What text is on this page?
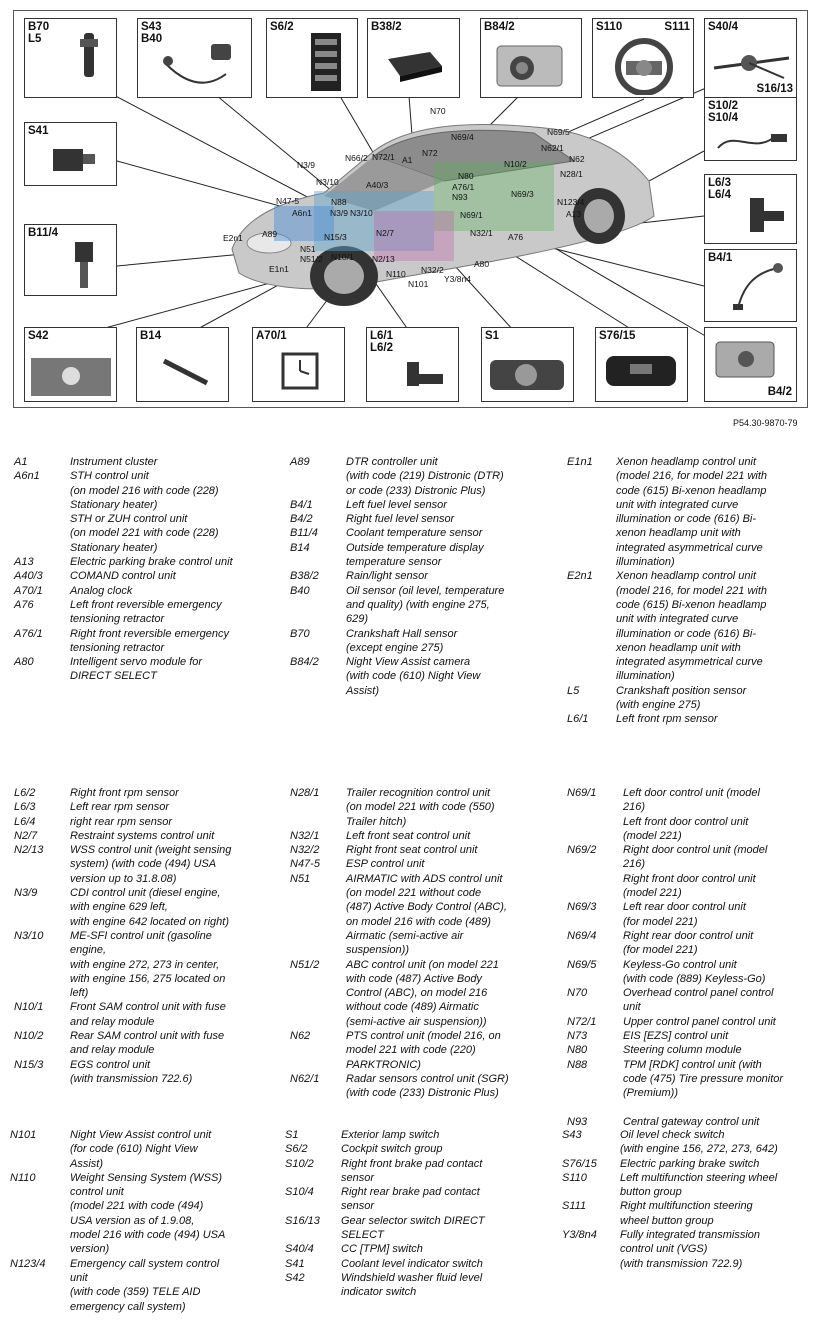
N70
N69/4	N69/5
N66/2 N72/1	N72
A1
N62/1
N62
N3/9	N10/2
N28/1
N3/10	A40/3	A76/1
N47-5	N88
N80
N93	N69/3
N123/4
A13
A6n1 N3/9 N3/10	N69/1
A89	N15/3	N2/7	N32/1 A76
E2n1
N51
N51/2 N10/1 N2/13	A80
E1n1	N110 N32/2
N101 Y3/8n4
B70
L5
S43
B40
S6/2	B38/2	B84/2	S110	S111 S40/4
S16/13
S41
B11/4
S42
S10/2
S10/4
L6/3
L6/4
B4/1
B4/2
B14	A70/1	L6/1
L6/2
S1	S76/15
P54.30-9870-79
A1	Instrument cluster
A6n1	STH control unit
(on model 216 with code (228)
Stationary heater)
STH or ZUH control unit
(on model 221 with code (228)
Stationary heater)
A13	Electric parking brake control unit
A40/3	COMAND control unit
A70/1	Analog clock
A76	Left front reversible emergency
tensioning retractor
A76/1	Right front reversible emergency
tensioning retractor
A80	Intelligent servo module for
DIRECT SELECT
A89	DTR controller unit
(with code (219) Distronic (DTR)
or code (233) Distronic Plus)
B4/1	Left fuel level sensor
B4/2	Right fuel level sensor
B11/4	Coolant temperature sensor
B14	Outside temperature display
temperature sensor
B38/2	Rain/light sensor
B40	Oil sensor (oil level, temperature
and quality) (with engine 275,
629)
B70	Crankshaft Hall sensor
(except engine 275)
B84/2	Night View Assist camera
(with code (610) Night View
Assist)
E1n1	Xenon headlamp control unit
(model 216, for model 221 with
code (615) Bi-xenon headlamp
unit with integrated curve
illumination or code (616) Bi-
xenon headlamp unit with
integrated asymmetrical curve
illumination)
E2n1	Xenon headlamp control unit
(model 216, for model 221 with
code (615) Bi-xenon headlamp
unit with integrated curve
illumination or code (616) Bi-
xenon headlamp unit with
integrated asymmetrical curve
illumination)
L5	Crankshaft position sensor
(with engine 275)
L6/1	Left front rpm sensor
L6/2	Right front rpm sensor
L6/3	Left rear rpm sensor
L6/4	right rear rpm sensor
N2/7	Restraint systems control unit
N2/13	WSS control unit (weight sensing
system) (with code (494) USA
version up to 31.8.08)
N3/9	CDI control unit (diesel engine,
with engine 629 left,
with engine 642 located on right)
N3/10	ME-SFI control unit (gasoline
engine,
with engine 272, 273 in center,
with engine 156, 275 located on
left)
N10/1	Front SAM control unit with fuse
and relay module
N10/2	Rear SAM control unit with fuse
and relay module
N15/3	EGS control unit
(with transmission 722.6)
N28/1	Trailer recognition control unit
(on model 221 with code (550)
Trailer hitch)
N32/1	Left front seat control unit
N32/2	Right front seat control unit
N47-5	ESP control unit
N51	AIRMATIC with ADS control unit
(on model 221 without code
(487) Active Body Control (ABC),
on model 216 with code (489)
Airmatic (semi-active air
suspension))
N51/2	ABC control unit (on model 221
with code (487) Active Body
Control (ABC), on model 216
without code (489) Airmatic
(semi-active air suspension))
N62	PTS control unit (model 216, on
model 221 with code (220)
PARKTRONIC)
N62/1	Radar sensors control unit (SGR)
(with code (233) Distronic Plus)
N69/1	Left door control unit (model
216)
Left front door control unit
(model 221)
N69/2	Right door control unit (model
216)
Right front door control unit
(model 221)
N69/3	Left rear door control unit
(for model 221)
N69/4	Right rear door control unit
(for model 221)
N69/5	Keyless-Go control unit
(with code (889) Keyless-Go)
N70	Overhead control panel control
unit
N72/1	Upper control panel control unit
N73	EIS [EZS] control unit
N80	Steering column module
N88	TPM [RDK] control unit (with
code (475) Tire pressure monitor
(Premium))

N93	Central gateway control unit
N101	Night View Assist control unit
(for code (610) Night View
Assist)
N110	Weight Sensing System (WSS)
control unit
(model 221 with code (494)
USA version as of 1.9.08,
model 216 with code (494) USA
version)
N123/4	Emergency call system control
unit
(with code (359) TELE AID
emergency call system)
S1	Exterior lamp switch
S6/2	Cockpit switch group
S10/2	Right front brake pad contact
sensor
S10/4	Right rear brake pad contact
sensor
S16/13	Gear selector switch DIRECT
SELECT
S40/4	CC [TPM] switch
S41	Coolant level indicator switch
S42	Windshield washer fluid level
indicator switch
S43	Oil level check switch
(with engine 156, 272, 273, 642)
S76/15	Electric parking brake switch
S110	Left multifunction steering wheel
button group
S111	Right multifunction steering
wheel button group
Y3/8n4	Fully integrated transmission
control unit (VGS)
(with transmission 722.9)
